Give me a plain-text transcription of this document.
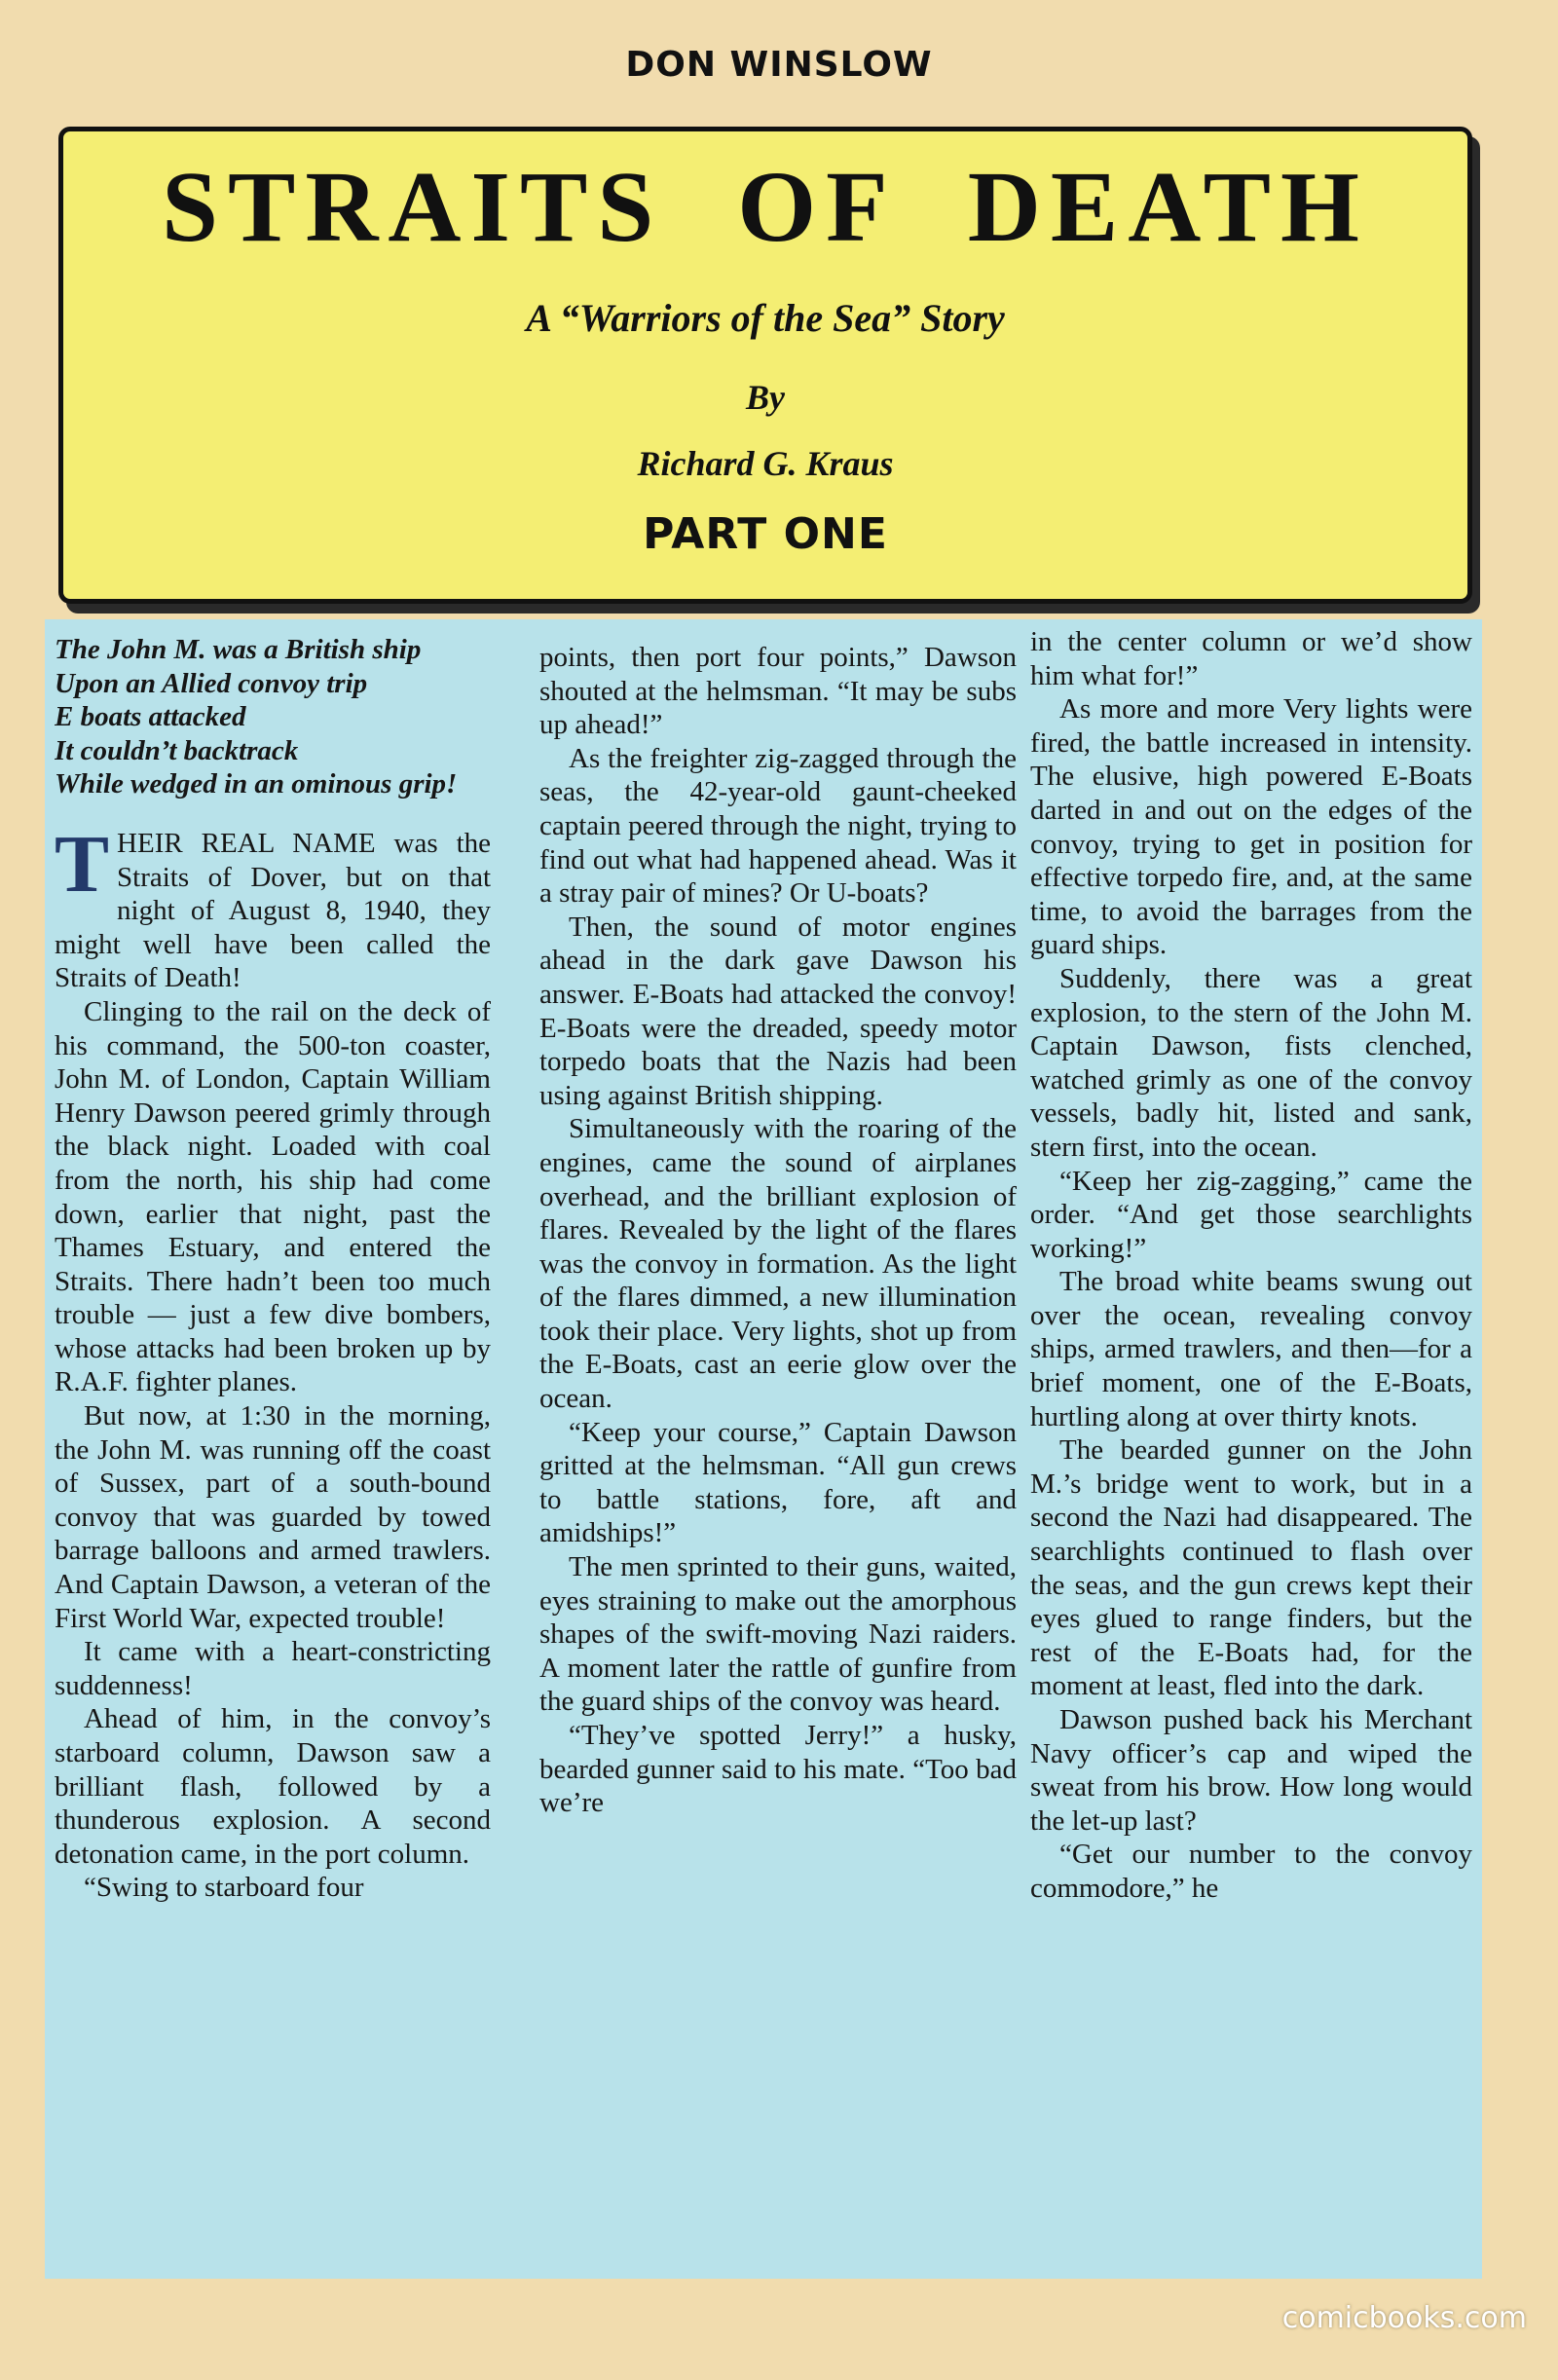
DON WINSLOW
STRAITS OF DEATH
A “Warriors of the Sea” Story
By
Richard G. Kraus
PART ONE
The John M. was a British ship
Upon an Allied convoy trip
E boats attacked
It couldn’t backtrack
While wedged in an ominous grip!

THEIR REAL NAME was the Straits of Dover, but on that night of August 8, 1940, they might well have been called the Straits of Death!

Clinging to the rail on the deck of his command, the 500-ton coaster, John M. of London, Captain William Henry Dawson peered grimly through the black night. Loaded with coal from the north, his ship had come down, earlier that night, past the Thames Estuary, and entered the Straits. There hadn’t been too much trouble — just a few dive bombers, whose attacks had been broken up by R.A.F. fighter planes.

But now, at 1:30 in the morning, the John M. was running off the coast of Sussex, part of a south-bound convoy that was guarded by towed barrage balloons and armed trawlers. And Captain Dawson, a veteran of the First World War, expected trouble!

It came with a heart-constricting suddenness!

Ahead of him, in the convoy’s starboard column, Dawson saw a brilliant flash, followed by a thunderous explosion. A second detonation came, in the port column.

“Swing to starboard four

points, then port four points,” Dawson shouted at the helmsman. “It may be subs up ahead!”

As the freighter zig-zagged through the seas, the 42-year-old gaunt-cheeked captain peered through the night, trying to find out what had happened ahead. Was it a stray pair of mines? Or U-boats?

Then, the sound of motor engines ahead in the dark gave Dawson his answer. E-Boats had attacked the convoy! E-Boats were the dreaded, speedy motor torpedo boats that the Nazis had been using against British shipping.

Simultaneously with the roaring of the engines, came the sound of airplanes overhead, and the brilliant explosion of flares. Revealed by the light of the flares was the convoy in formation. As the light of the flares dimmed, a new illumination took their place. Very lights, shot up from the E-Boats, cast an eerie glow over the ocean.

“Keep your course,” Captain Dawson gritted at the helmsman. “All gun crews to battle stations, fore, aft and amidships!”

The men sprinted to their guns, waited, eyes straining to make out the amorphous shapes of the swift-moving Nazi raiders. A moment later the rattle of gunfire from the guard ships of the convoy was heard.

“They’ve spotted Jerry!” a husky, bearded gunner said to his mate. “Too bad we’re

in the center column or we’d show him what for!”

As more and more Very lights were fired, the battle increased in intensity. The elusive, high powered E-Boats darted in and out on the edges of the convoy, trying to get in position for effective torpedo fire, and, at the same time, to avoid the barrages from the guard ships.

Suddenly, there was a great explosion, to the stern of the John M. Captain Dawson, fists clenched, watched grimly as one of the convoy vessels, badly hit, listed and sank, stern first, into the ocean.

“Keep her zig-zagging,” came the order. “And get those searchlights working!”

The broad white beams swung out over the ocean, revealing convoy ships, armed trawlers, and then—for a brief moment, one of the E-Boats, hurtling along at over thirty knots.

The bearded gunner on the John M.’s bridge went to work, but in a second the Nazi had disappeared. The searchlights continued to flash over the seas, and the gun crews kept their eyes glued to range finders, but the rest of the E-Boats had, for the moment at least, fled into the dark.

Dawson pushed back his Merchant Navy officer’s cap and wiped the sweat from his brow. How long would the let-up last?

“Get our number to the convoy commodore,” he

comicbooks.com
